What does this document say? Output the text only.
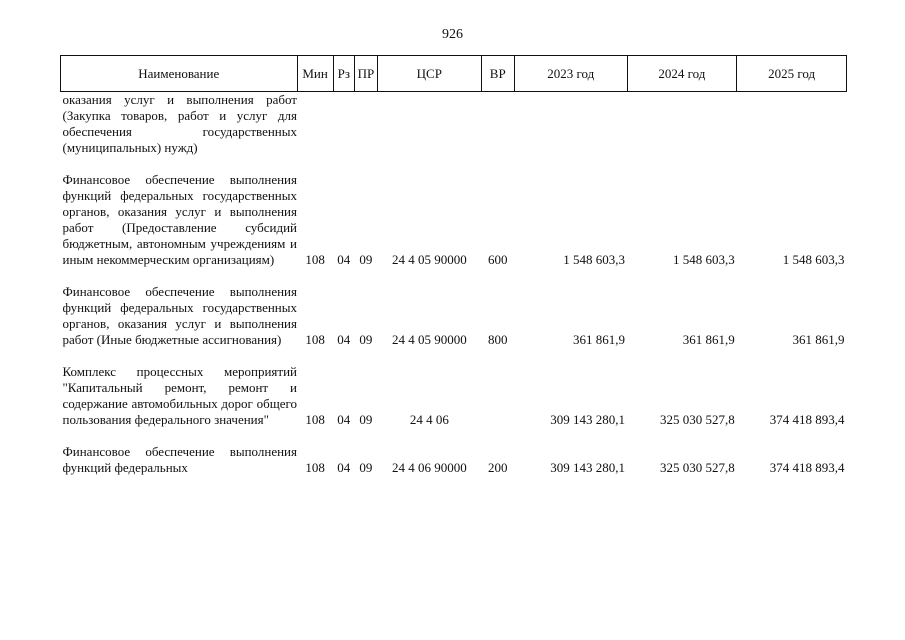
926
Наименование	Мин	Рз	ПР	ЦСР	ВР	2023 год	2024 год	2025 год
оказания услуг и выполнения работ (Закупка товаров, работ и услуг для обеспечения государственных (муниципальных) нужд)								
Финансовое обеспечение выполнения функций федеральных государственных органов, оказания услуг и выполнения работ (Предоставление субсидий бюджетным, автономным учреждениям и иным некоммерческим организациям)	108	04	09	24 4 05 90000	600	1 548 603,3	1 548 603,3	1 548 603,3
Финансовое обеспечение выполнения функций федеральных государственных органов, оказания услуг и выполнения работ (Иные бюджетные ассигнования)	108	04	09	24 4 05 90000	800	361 861,9	361 861,9	361 861,9
Комплекс процессных мероприятий "Капитальный ремонт, ремонт и содержание автомобильных дорог общего пользования федерального значения"	108	04	09	24 4 06		309 143 280,1	325 030 527,8	374 418 893,4
Финансовое обеспечение выполнения функций федеральных	108	04	09	24 4 06 90000	200	309 143 280,1	325 030 527,8	374 418 893,4
